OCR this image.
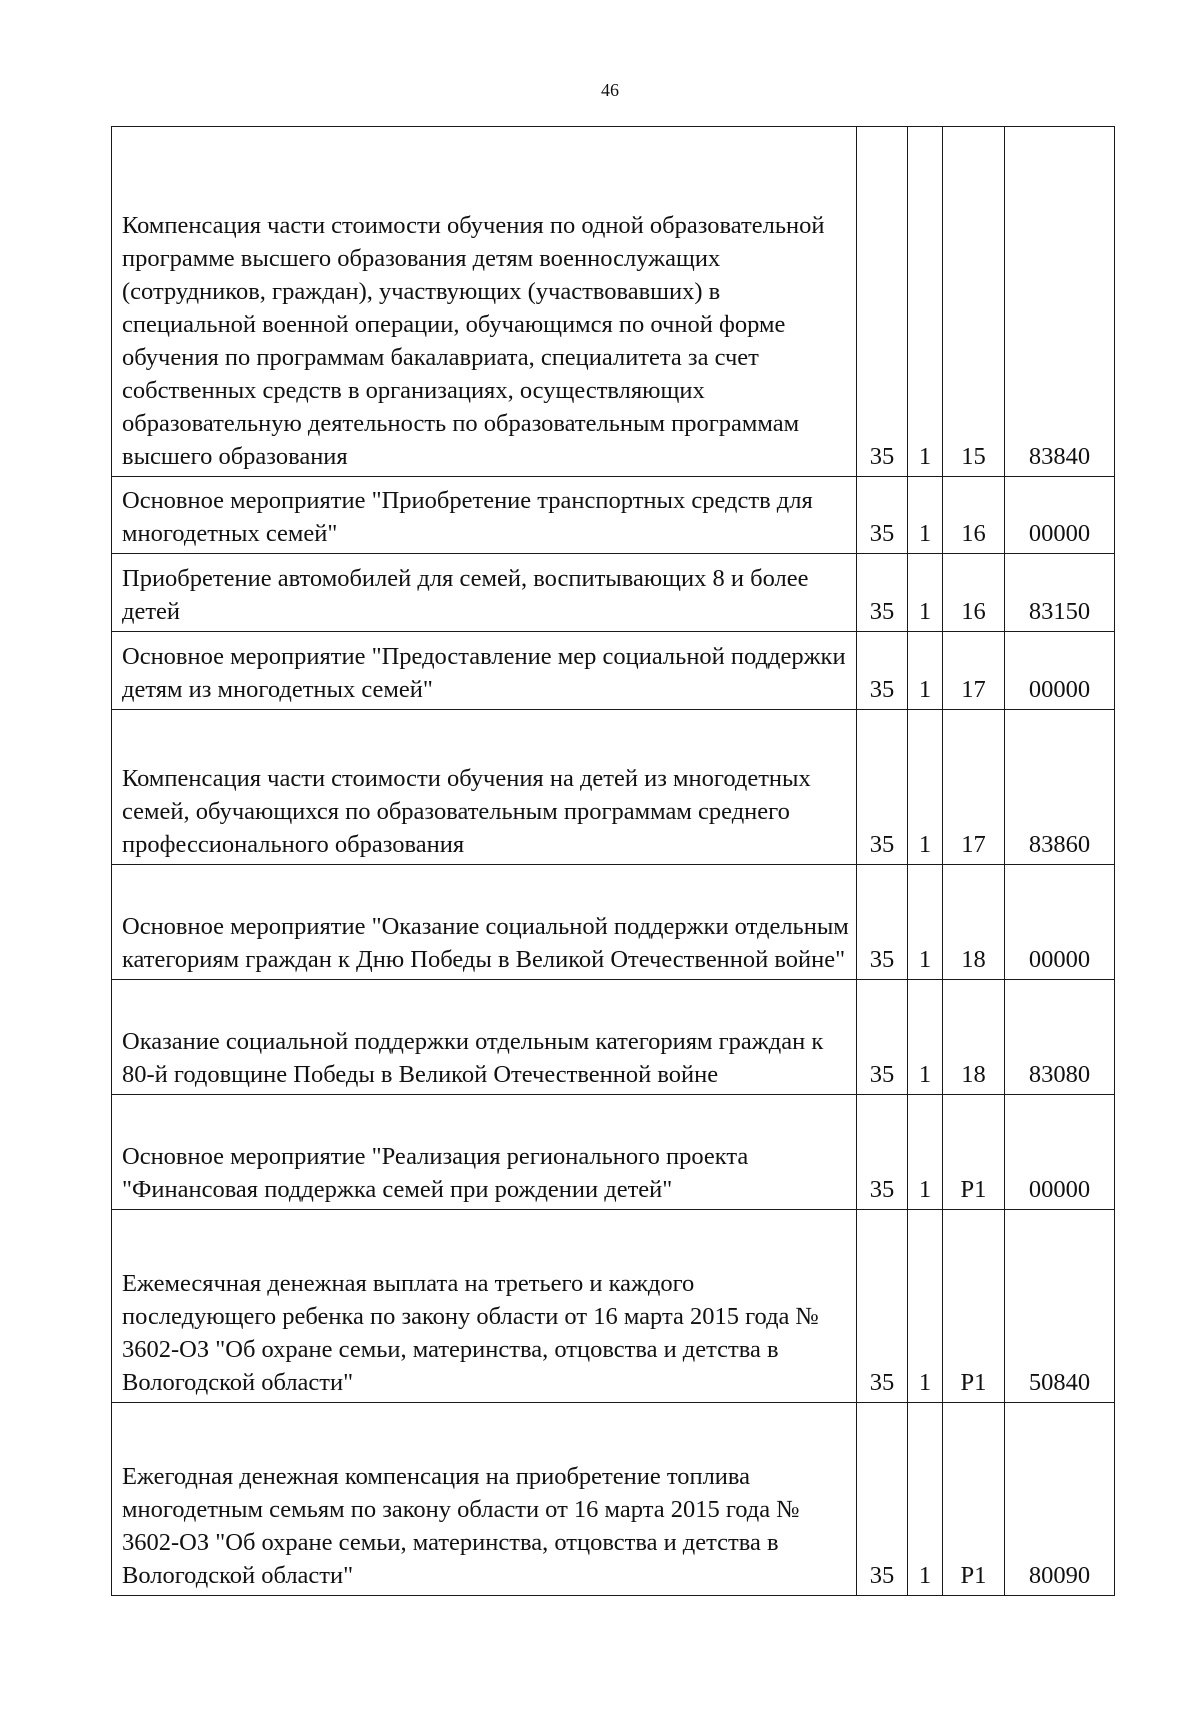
46
Компенсация части стоимости обучения по одной образовательной программе высшего образования детям военнослужащих (сотрудников, граждан), участвующих (участвовавших) в специальной военной операции, обучающимся по очной форме обучения по программам бакалавриата, специалитета за счет собственных средств в организациях, осуществляющих образовательную деятельность по образовательным программам высшего образования	35	1	15	83840
Основное мероприятие "Приобретение транспортных средств для многодетных семей"	35	1	16	00000
Приобретение автомобилей для семей, воспитывающих 8 и более детей	35	1	16	83150
Основное мероприятие "Предоставление мер социальной поддержки детям из многодетных семей"	35	1	17	00000
Компенсация части стоимости обучения на детей из многодетных семей, обучающихся по образовательным программам среднего профессионального образования	35	1	17	83860
Основное мероприятие "Оказание социальной поддержки отдельным категориям граждан к Дню Победы в Великой Отечественной войне"	35	1	18	00000
Оказание социальной поддержки отдельным категориям граждан к 80-й годовщине Победы в Великой Отечественной войне	35	1	18	83080
Основное мероприятие "Реализация регионального проекта "Финансовая поддержка семей при рождении детей"	35	1	P1	00000
Ежемесячная денежная выплата на третьего и каждого последующего ребенка по закону области от 16 марта 2015 года № 3602-ОЗ "Об охране семьи, материнства, отцовства и детства в Вологодской области"	35	1	P1	50840
Ежегодная денежная компенсация на приобретение топлива многодетным семьям по закону области от 16 марта 2015 года № 3602-ОЗ "Об охране семьи, материнства, отцовства и детства в Вологодской области"	35	1	P1	80090
